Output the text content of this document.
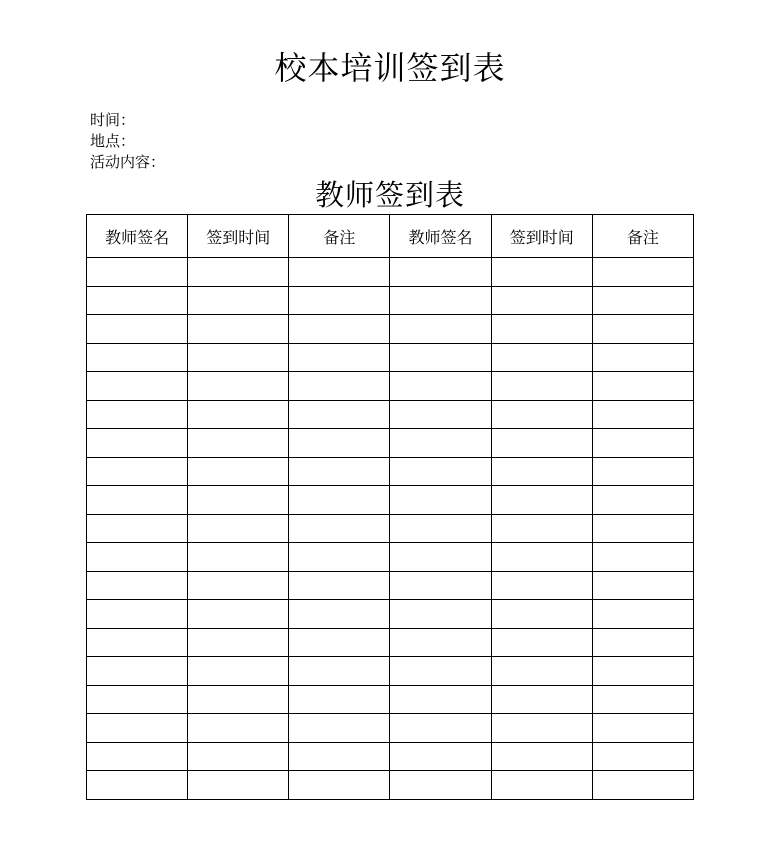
校本培训签到表
时间：
地点：
活动内容：
教师签到表
教师签名	签到时间	备注	教师签名	签到时间	备注
